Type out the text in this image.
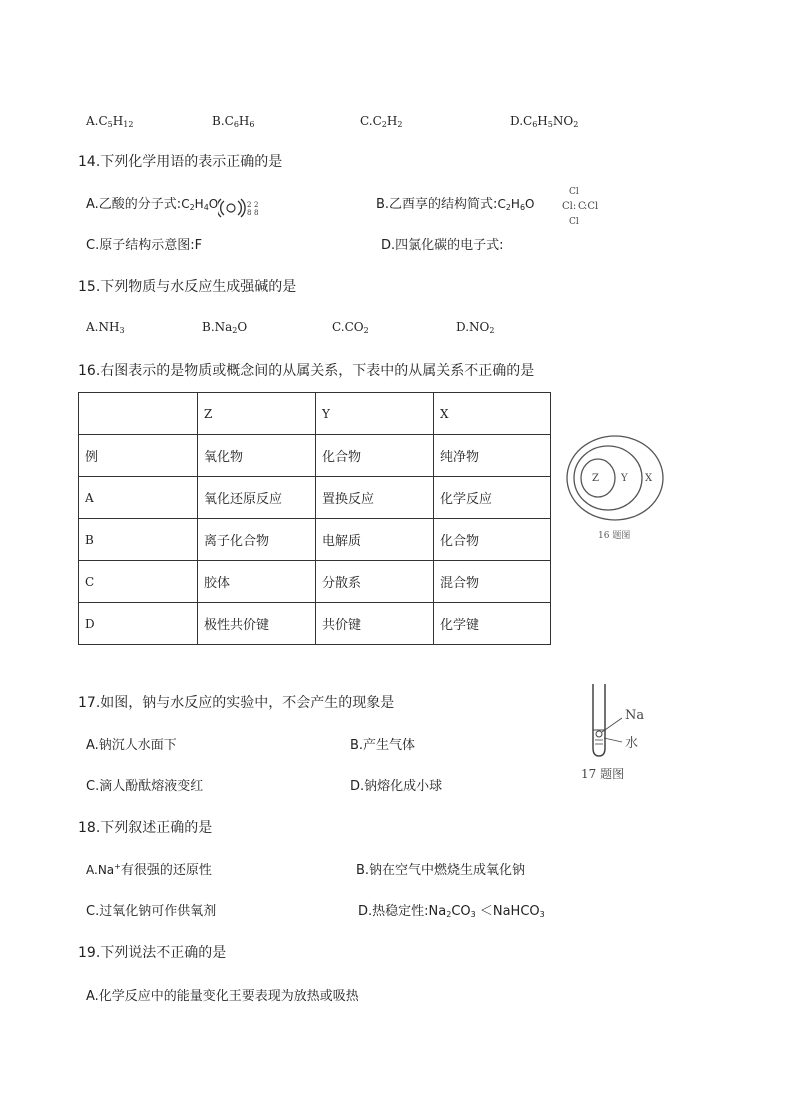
$A.C_5H_{12}$	$B.C_6H_6$	$C.C_2H_2$	$D.C_6H_5NO_2$
14.下列化学用语的表示正确的是
A.乙酸的分子式$:C_2H_4O$	2 2
8 8
B.乙酉享的结构简式$:C_2H_6O$
Cl
Cl: C
:Cl
Cl
C.原子结构示意图:F	D.四氯化碳的电子式:
15.下列物质与水反应生成强碱的是
$A.NH_3$	$B.Na_2O$	$C.CO_2$	$D.NO_2$
16.右图表示的是物质或概念间的从属关系，下表中的从属关系不正确的是
	Z	Y	X
例	氧化物	化合物	纯净物
A	氧化还原反应	置换反应	化学反应
B	离子化合物	电解质	化合物
C	胶体	分散系	混合物
D	极性共价键	共价键	化学键
Z Y X
16 题图
17.如图，钠与水反应的实验中，不会产生的现象是
A.钠沉人水面下	B.产生气体
C.滴人酚酞熔液变红	D.钠熔化成小球
Na
水
17 题图
18.下列叙述正确的是
A.Na+有很强的还原性	B.钠在空气中燃烧生成氧化钠
C.过氧化钠可作供氧剂	D.热稳定性$:Na_2CO_3$ ＜NaHCO$_3$
19.下列说法不正确的是
A.化学反应中的能量变化王要表现为放热或吸热
